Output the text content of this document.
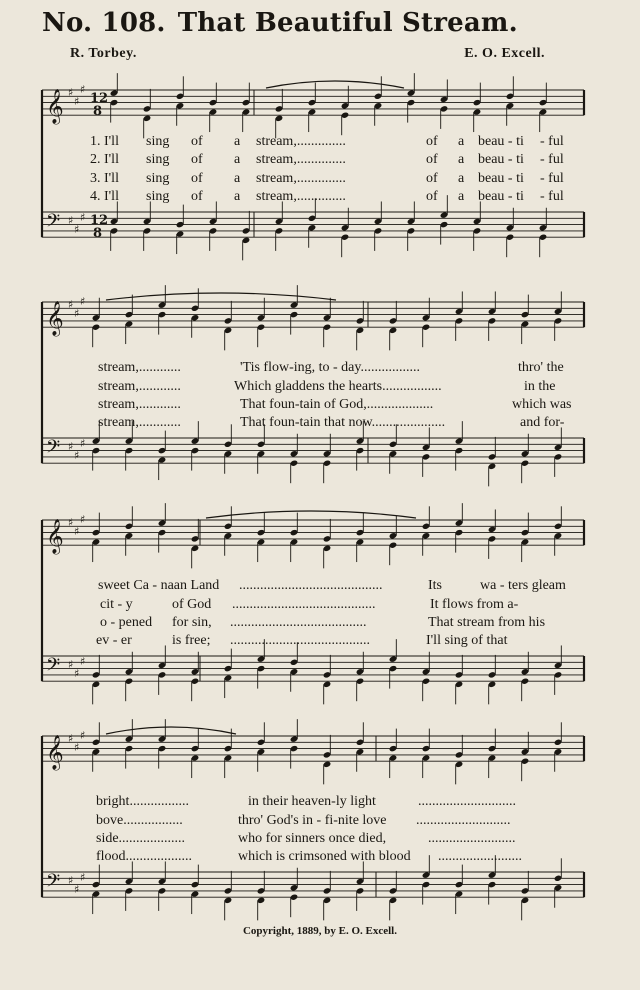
No. 108. That Beautiful Stream.
R. Torbey.	E. O. Excell.
𝄞 ♯
♯
♯
12
8
𝄢 ♯
♯
♯ 12
8
1. I'll sing of a stream,..............	of a beau - ti - ful
2. I'll sing of a stream,..............	of a beau - ti - ful
3. I'll sing of a stream,..............	of a beau - ti - ful
4. I'll sing of a stream,..............	of a beau - ti - ful
𝄞 ♯
♯
♯
𝄢 ♯
♯
♯
stream,............	'Tis flow-ing, to - day.................	thro' the
stream,............	Which gladdens the hearts.................	in the
stream,............	That foun-tain of God,...................	which was
stream,............	That foun-tain that now.....................	and for-
𝄞 ♯
♯
♯
𝄢 ♯
♯
♯
sweet Ca - naan Land .........................................	Its	wa - ters gleam
cit - y	of God .........................................	It flows from a-
o - pened for sin, .......................................	That stream from his
ev - er	is free; ........................................	I'll sing of that
𝄞 ♯
♯
♯
𝄢 ♯
♯
♯
bright.................	in their heaven-ly light	............................
bove.................	thro' God's in - fi-nite love ...........................
side...................	who for sinners once died,	.........................
flood...................	which is crimsoned with blood ........................
Copyright, 1889, by E. O. Excell.
